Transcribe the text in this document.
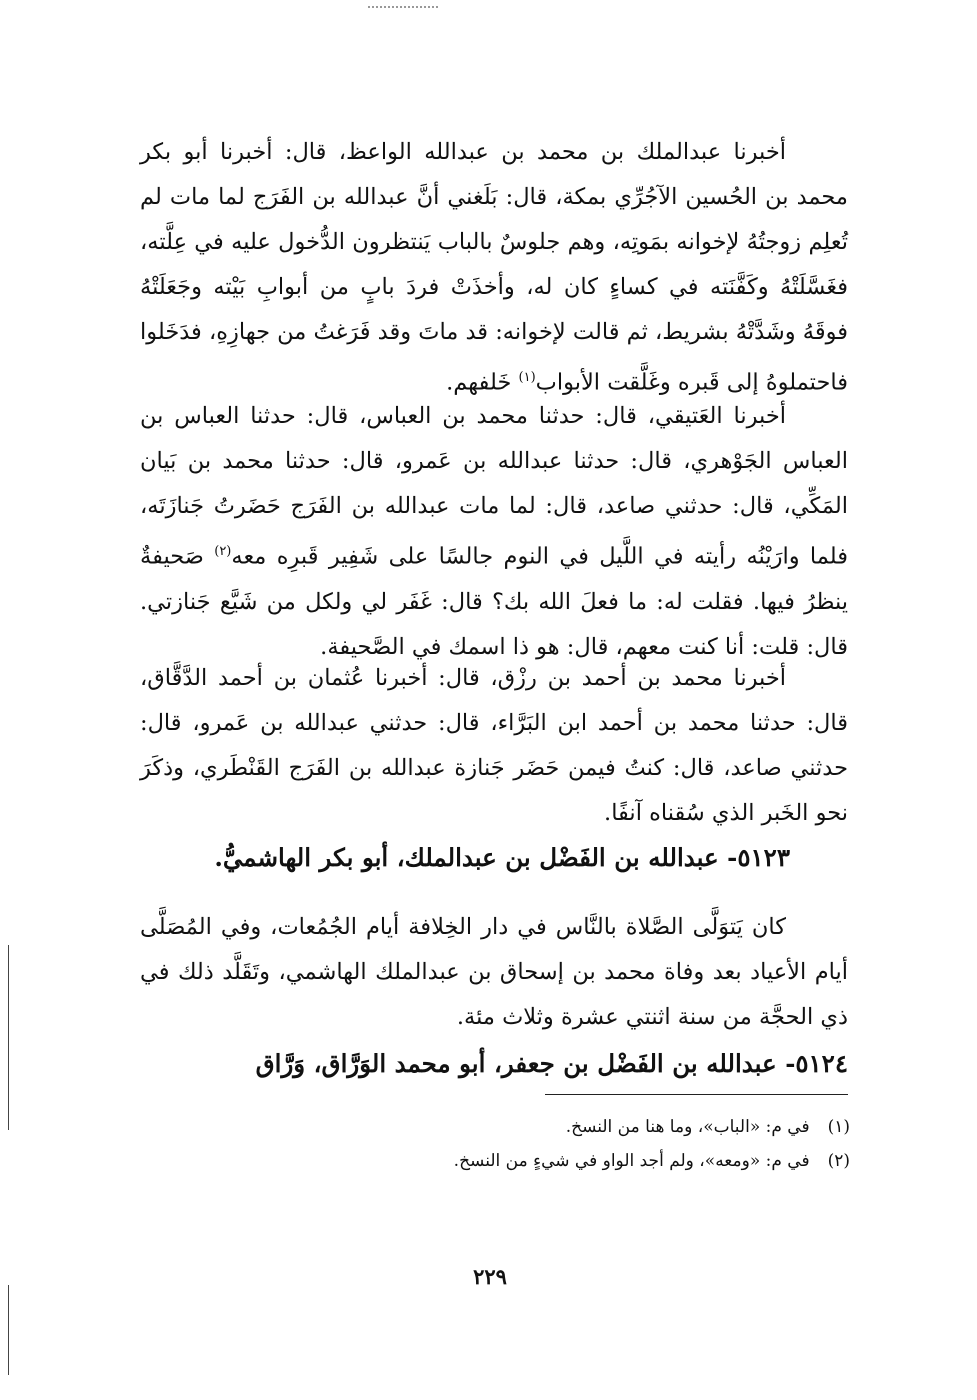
أخبرنا عبدالملك بن محمد بن عبدالله الواعظ، قال: أخبرنا أبو بكر محمد بن الحُسين الآجُرِّي بمكة، قال: بَلَغني أنَّ عبدالله بن الفَرَج لما مات لم تُعلِم زوجتُهُ لإخوانه بمَوتِه، وهم جلوسٌ بالباب يَنتظرون الدُّخول عليه في عِلَّته، فغَسَّلَتْهُ وكَفَّنَته في كساءٍ كان له، وأخذَتْ فردَ بابٍ من أبوابِ بَيْته وجَعَلَتْهُ فوقَهُ وشَدَّتْهُ بشريط، ثم قالت لإخوانه: قد ماتَ وقد فَرَغتُ من جهازِهِ، فدَخَلوا فاحتملوهُ إلى قَبره وغَلَّقت الأبواب$^{(١)}$ خَلفهم.
أخبرنا العَتيقي، قال: حدثنا محمد بن العباس، قال: حدثنا العباس بن العباس الجَوْهري، قال: حدثنا عبدالله بن عَمرو، قال: حدثنا محمد بن بَيان المَكِّي، قال: حدثني صاعد، قال: لما مات عبدالله بن الفَرَج حَضَرتُ جَنازَتَه، فلما وارَيْنُه رأيته في اللَّيل في النوم جالسًا على شَفِير قَبرِه معه$^{(٢)}$ صَحيفةٌ ينظرُ فيها. فقلت له: ما فعلَ الله بك؟ قال: غَفَر لي ولكل من شَيَّع جَنازتي. قال: قلت: أنا كنت معهم، قال: هو ذا اسمك في الصَّحيفة.
أخبرنا محمد بن أحمد بن رزْق، قال: أخبرنا عُثمان بن أحمد الدَّقَّاق، قال: حدثنا محمد بن أحمد ابن البَرَّاء، قال: حدثني عبدالله بن عَمرو، قال: حدثني صاعد، قال: كنتُ فيمن حَضَر جَنازة عبدالله بن الفَرَج القَنْطَري، وذكَرَ نحو الخَبر الذي سُقناه آنفًا.
٥١٢٣- عبدالله بن الفَضْل بن عبدالملك، أبو بكر الهاشميُّ.
كان يَتوَلَّى الصَّلاة بالنَّاس في دار الخِلافة أيام الجُمُعات، وفي المُصَلَّى أيام الأعياد بعد وفاة محمد بن إسحاق بن عبدالملك الهاشمي، وتَقَلَّد ذلك في ذي الحجَّة من سنة اثنتي عشرة وثلاث مئة.
٥١٢٤- عبدالله بن الفَضْل بن جعفر، أبو محمد الوَرَّاق، وَرَّاق
(١)في م: «الباب»، وما هنا من النسخ.
(٢)في م: «ومعه»، ولم أجد الواو في شيءٍ من النسخ.
٢٢٩
